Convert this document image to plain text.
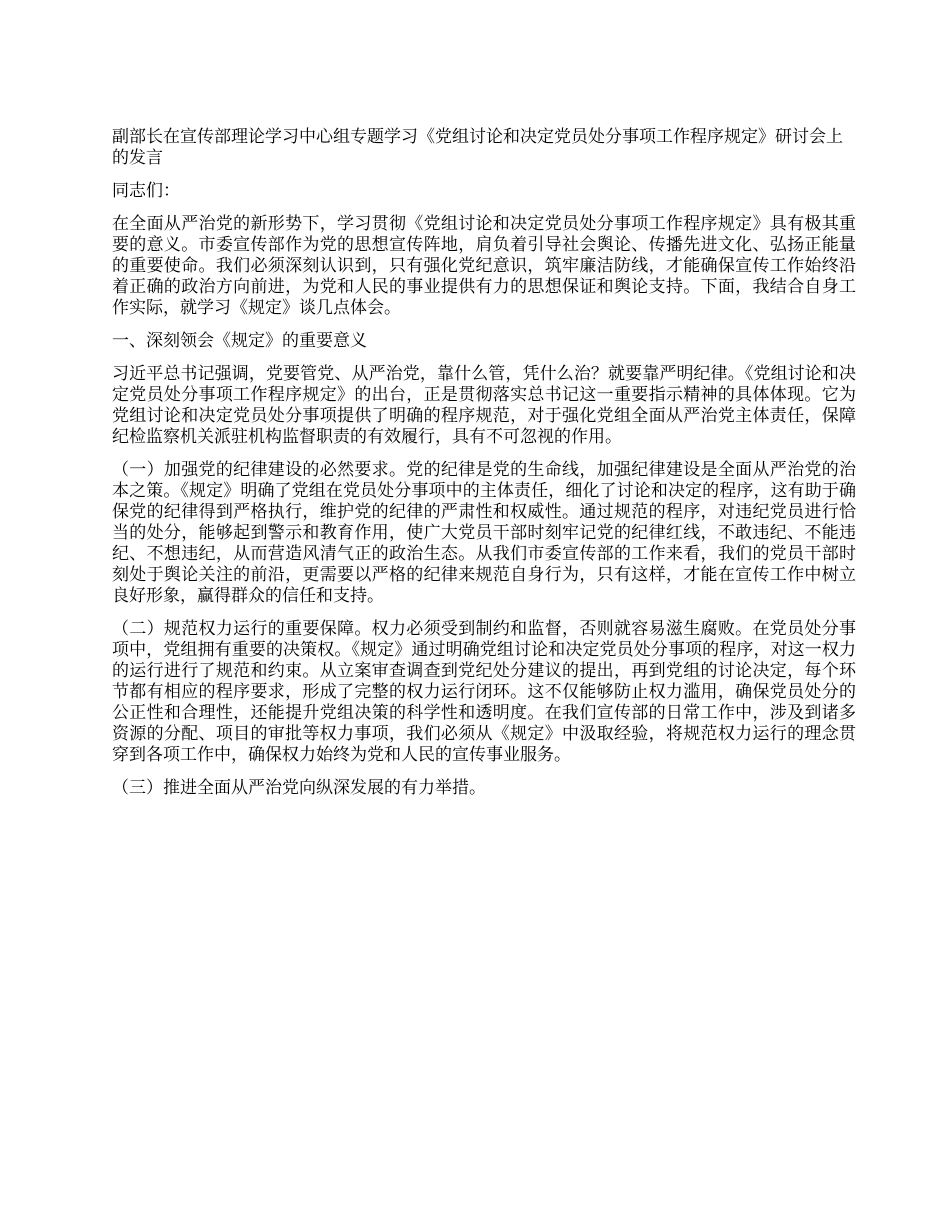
副部长在宣传部理论学习中心组专题学习《党组讨论和决定党员处分事项工作程序规定》研讨会上的发言
同志们：
在全面从严治党的新形势下，学习贯彻《党组讨论和决定党员处分事项工作程序规定》具有极其重要的意义。市委宣传部作为党的思想宣传阵地，肩负着引导社会舆论、传播先进文化、弘扬正能量的重要使命。我们必须深刻认识到，只有强化党纪意识，筑牢廉洁防线，才能确保宣传工作始终沿着正确的政治方向前进，为党和人民的事业提供有力的思想保证和舆论支持。下面，我结合自身工作实际，就学习《规定》谈几点体会。
一、深刻领会《规定》的重要意义
习近平总书记强调，党要管党、从严治党，靠什么管，凭什么治？就要靠严明纪律。《党组讨论和决定党员处分事项工作程序规定》的出台，正是贯彻落实总书记这一重要指示精神的具体体现。它为党组讨论和决定党员处分事项提供了明确的程序规范，对于强化党组全面从严治党主体责任，保障纪检监察机关派驻机构监督职责的有效履行，具有不可忽视的作用。
（一）加强党的纪律建设的必然要求。党的纪律是党的生命线，加强纪律建设是全面从严治党的治本之策。《规定》明确了党组在党员处分事项中的主体责任，细化了讨论和决定的程序，这有助于确保党的纪律得到严格执行，维护党的纪律的严肃性和权威性。通过规范的程序，对违纪党员进行恰当的处分，能够起到警示和教育作用，使广大党员干部时刻牢记党的纪律红线，不敢违纪、不能违纪、不想违纪，从而营造风清气正的政治生态。从我们市委宣传部的工作来看，我们的党员干部时刻处于舆论关注的前沿，更需要以严格的纪律来规范自身行为，只有这样，才能在宣传工作中树立良好形象，赢得群众的信任和支持。
（二）规范权力运行的重要保障。权力必须受到制约和监督，否则就容易滋生腐败。在党员处分事项中，党组拥有重要的决策权。《规定》通过明确党组讨论和决定党员处分事项的程序，对这一权力的运行进行了规范和约束。从立案审查调查到党纪处分建议的提出，再到党组的讨论决定，每个环节都有相应的程序要求，形成了完整的权力运行闭环。这不仅能够防止权力滥用，确保党员处分的公正性和合理性，还能提升党组决策的科学性和透明度。在我们宣传部的日常工作中，涉及到诸多资源的分配、项目的审批等权力事项，我们必须从《规定》中汲取经验，将规范权力运行的理念贯穿到各项工作中，确保权力始终为党和人民的宣传事业服务。
（三）推进全面从严治党向纵深发展的有力举措。
